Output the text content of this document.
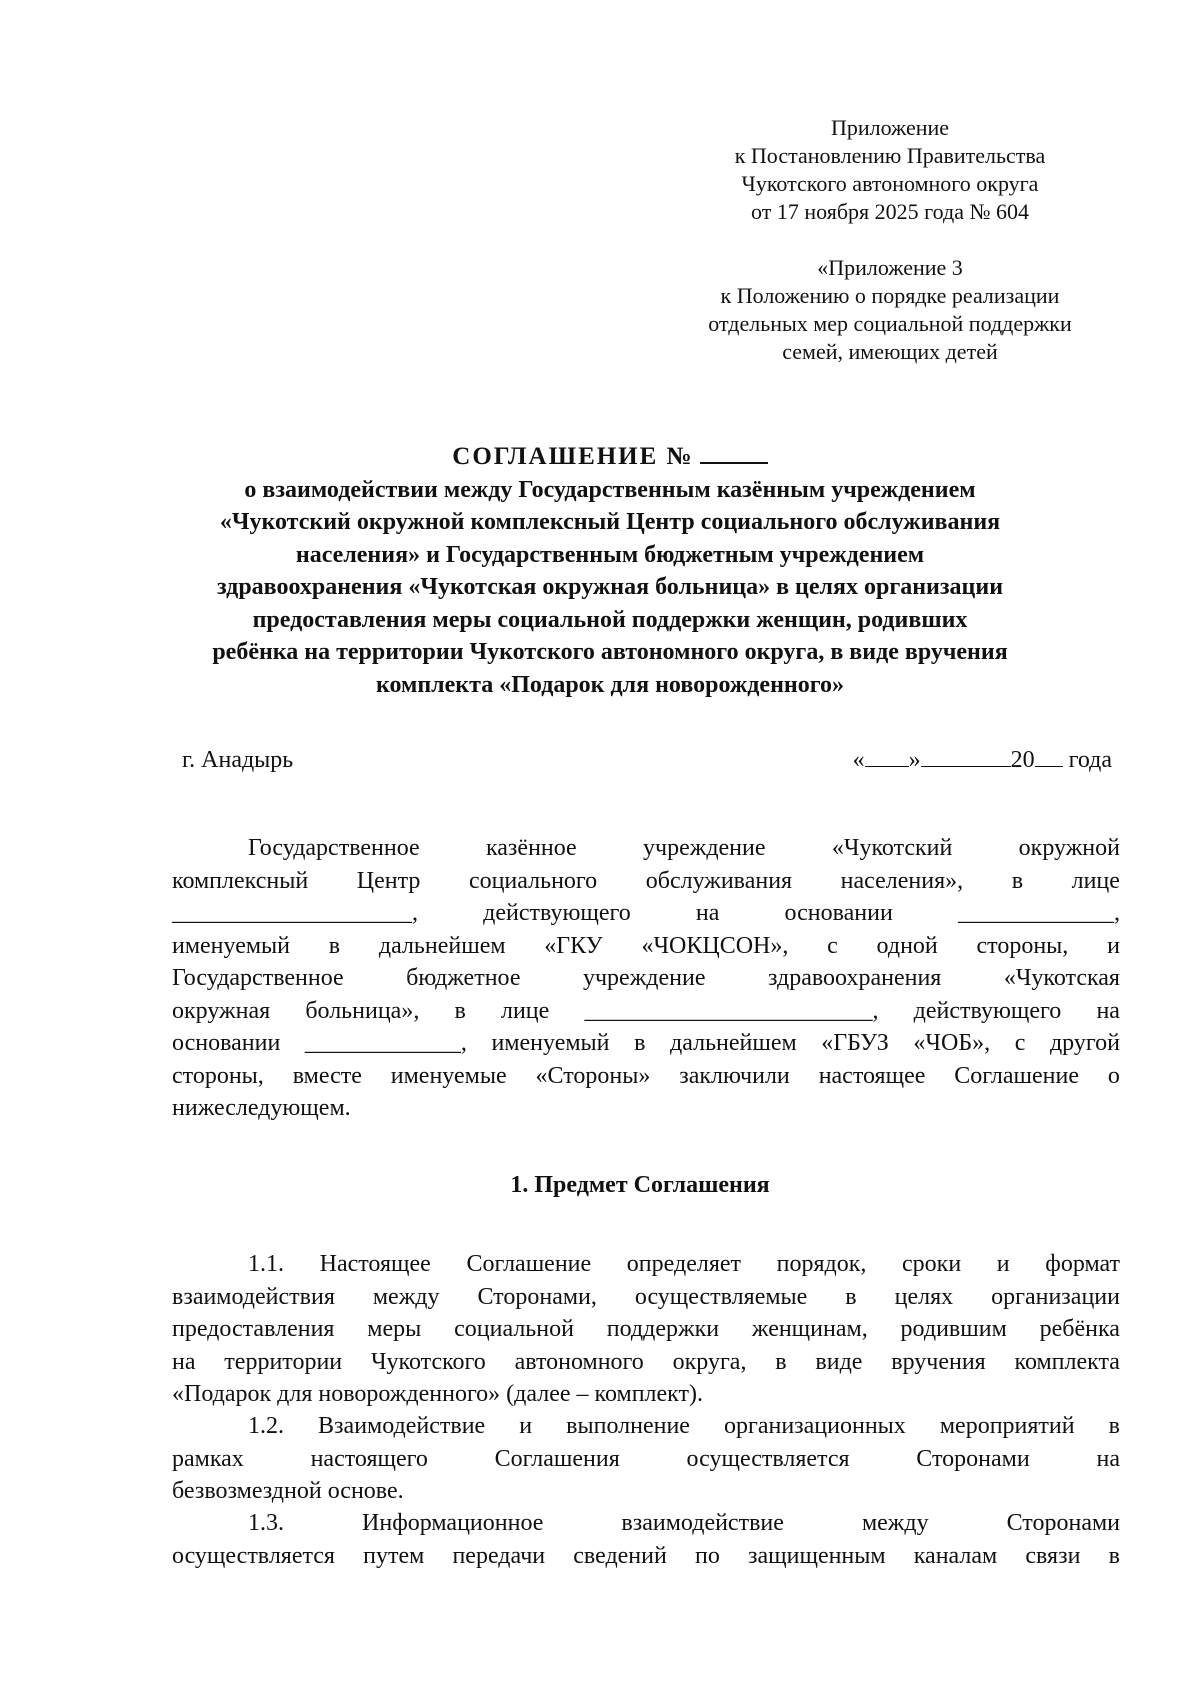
Приложение
к Постановлению Правительства
Чукотского автономного округа
от 17 ноября 2025 года № 604
«Приложение 3
к Положению о порядке реализации
отдельных мер социальной поддержки
семей, имеющих детей
СОГЛАШЕНИЕ №
о взаимодействии между Государственным казённым учреждением
«Чукотский окружной комплексный Центр социального обслуживания
населения» и Государственным бюджетным учреждением
здравоохранения «Чукотская окружная больница» в целях организации
предоставления меры социальной поддержки женщин, родивших
ребёнка на территории Чукотского автономного округа, в виде вручения
комплекта «Подарок для новорожденного»
г. Анадырь	« »	20 года
Государственное	казённое	учреждение	«Чукотский	окружной
комплексный Центр социального обслуживания населения», в лице
____________________,	действующего	на	основании	_____________,
именуемый в дальнейшем «ГКУ «ЧОКЦСОН», с одной стороны, и
Государственное	бюджетное	учреждение	здравоохранения	«Чукотская
окружная больница», в лице ________________________, действующего на
основании _____________, именуемый в дальнейшем «ГБУЗ «ЧОБ», с другой
стороны, вместе именуемые «Стороны» заключили настоящее Соглашение о
нижеследующем.
1. Предмет Соглашения
1.1. Настоящее Соглашение определяет порядок, сроки и формат
взаимодействия между Сторонами, осуществляемые в целях организации
предоставления меры социальной поддержки женщинам, родившим ребёнка
на территории Чукотского автономного округа, в виде вручения комплекта
«Подарок для новорожденного» (далее – комплект).
1.2. Взаимодействие и выполнение организационных мероприятий в
рамках	настоящего	Соглашения	осуществляется	Сторонами	на
безвозмездной основе.
1.3.	Информационное	взаимодействие	между	Сторонами
осуществляется путем передачи сведений по защищенным каналам связи в
